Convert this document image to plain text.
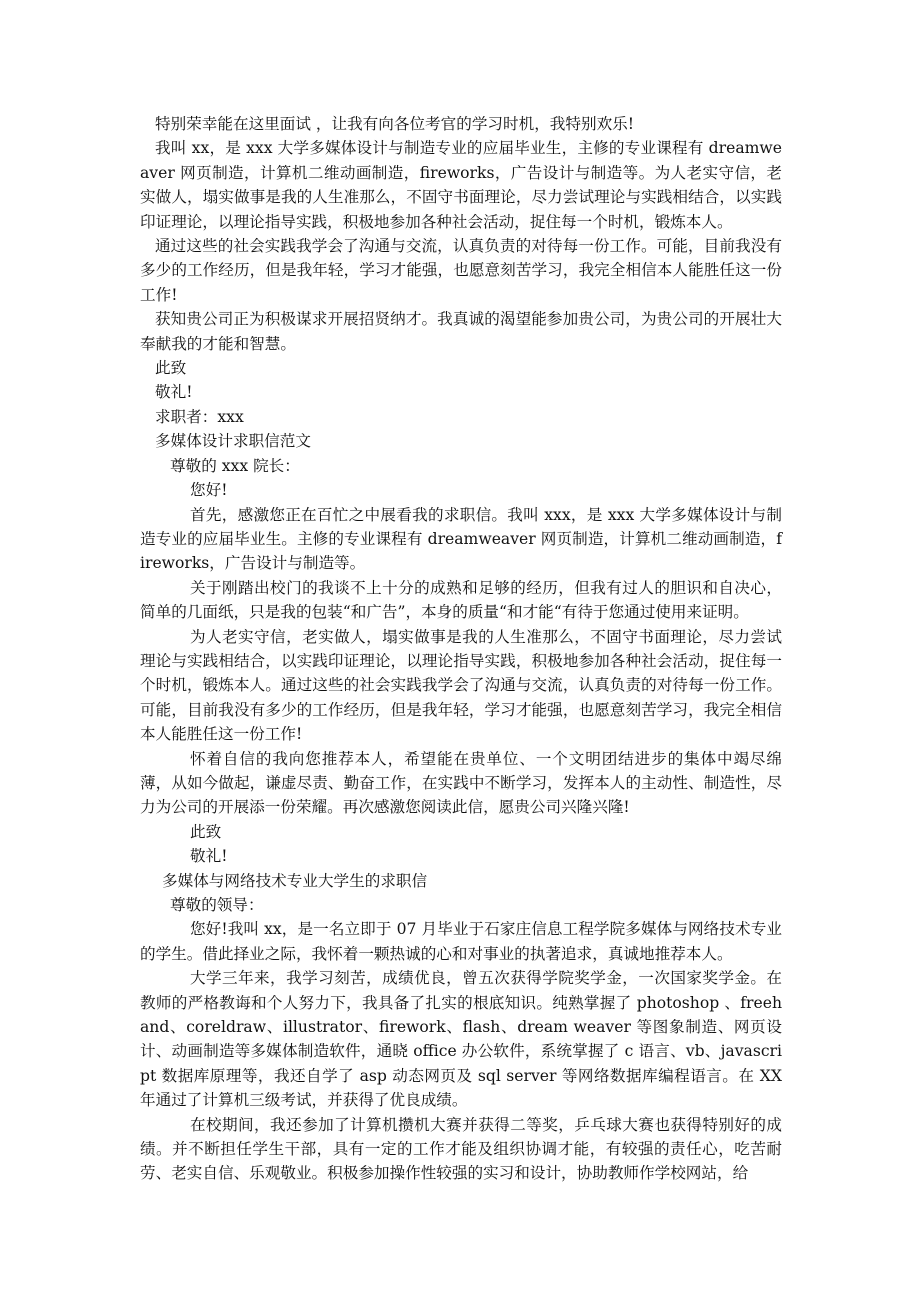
特别荣幸能在这里面试 ，让我有向各位考官的学习时机，我特别欢乐!

我叫 xx，是 xxx 大学多媒体设计与制造专业的应届毕业生，主修的专业课程有 dreamweaver 网页制造，计算机二维动画制造，fireworks，广告设计与制造等。为人老实守信，老实做人，塌实做事是我的人生准那么，不固守书面理论，尽力尝试理论与实践相结合，以实践印证理论，以理论指导实践，积极地参加各种社会活动，捉住每一个时机，锻炼本人。

通过这些的社会实践我学会了沟通与交流，认真负责的对待每一份工作。可能，目前我没有多少的工作经历，但是我年轻，学习才能强，也愿意刻苦学习，我完全相信本人能胜任这一份工作!

获知贵公司正为积极谋求开展招贤纳才。我真诚的渴望能参加贵公司，为贵公司的开展壮大奉献我的才能和智慧。

此致

敬礼!

求职者：xxx

多媒体设计求职信范文

尊敬的 xxx 院长：

您好!

首先，感激您正在百忙之中展看我的求职信。我叫 xxx，是 xxx 大学多媒体设计与制造专业的应届毕业生。主修的专业课程有 dreamweaver 网页制造，计算机二维动画制造，fireworks，广告设计与制造等。

关于刚踏出校门的我谈不上十分的成熟和足够的经历，但我有过人的胆识和自决心，简单的几面纸，只是我的包装“和广告”，本身的质量“和才能“有待于您通过使用来证明。

为人老实守信，老实做人，塌实做事是我的人生准那么，不固守书面理论，尽力尝试理论与实践相结合，以实践印证理论，以理论指导实践，积极地参加各种社会活动，捉住每一个时机，锻炼本人。通过这些的社会实践我学会了沟通与交流，认真负责的对待每一份工作。可能，目前我没有多少的工作经历，但是我年轻，学习才能强，也愿意刻苦学习，我完全相信本人能胜任这一份工作!

怀着自信的我向您推荐本人，希望能在贵单位、一个文明团结进步的集体中竭尽绵薄，从如今做起，谦虚尽责、勤奋工作，在实践中不断学习，发挥本人的主动性、制造性，尽力为公司的开展添一份荣耀。再次感激您阅读此信，愿贵公司兴隆兴隆!

此致

敬礼!

多媒体与网络技术专业大学生的求职信

尊敬的领导：

您好!我叫 xx，是一名立即于 07 月毕业于石家庄信息工程学院多媒体与网络技术专业的学生。借此择业之际，我怀着一颗热诚的心和对事业的执著追求，真诚地推荐本人。

大学三年来，我学习刻苦，成绩优良，曾五次获得学院奖学金，一次国家奖学金。在教师的严格教诲和个人努力下，我具备了扎实的根底知识。纯熟掌握了 photoshop 、freehand、coreldraw、illustrator、firework、flash、dream weaver 等图象制造、网页设计、动画制造等多媒体制造软件，通晓 office 办公软件，系统掌握了 c 语言、vb、javascript 数据库原理等，我还自学了 asp 动态网页及 sql server 等网络数据库编程语言。在 XX 年通过了计算机三级考试，并获得了优良成绩。

在校期间，我还参加了计算机攒机大赛并获得二等奖，乒乓球大赛也获得特别好的成绩。并不断担任学生干部，具有一定的工作才能及组织协调才能，有较强的责任心，吃苦耐劳、老实自信、乐观敬业。积极参加操作性较强的实习和设计，协助教师作学校网站，给
